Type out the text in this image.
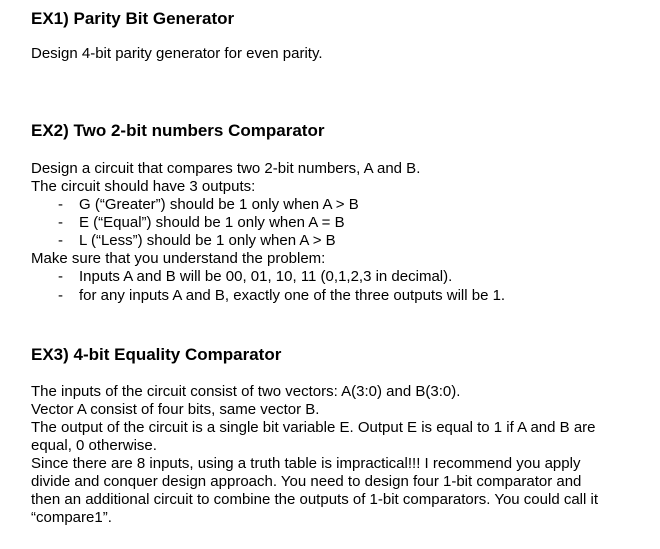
EX1) Parity Bit Generator
Design 4-bit parity generator for even parity.
EX2) Two 2-bit numbers Comparator
Design a circuit that compares two 2-bit numbers, A and B.
The circuit should have 3 outputs:
- G (“Greater”) should be 1 only when A > B
- E (“Equal”) should be 1 only when A = B
- L (“Less”) should be 1 only when A > B
Make sure that you understand the problem:
- Inputs A and B will be 00, 01, 10, 11 (0,1,2,3 in decimal).
- for any inputs A and B, exactly one of the three outputs will be 1.
EX3) 4-bit Equality Comparator
The inputs of the circuit consist of two vectors: A(3:0) and B(3:0).
Vector A consist of four bits, same vector B.
The output of the circuit is a single bit variable E. Output E is equal to 1 if A and B are
equal, 0 otherwise.
Since there are 8 inputs, using a truth table is impractical!!! I recommend you apply
divide and conquer design approach. You need to design four 1-bit comparator and
then an additional circuit to combine the outputs of 1-bit comparators. You could call it
“compare1”.
